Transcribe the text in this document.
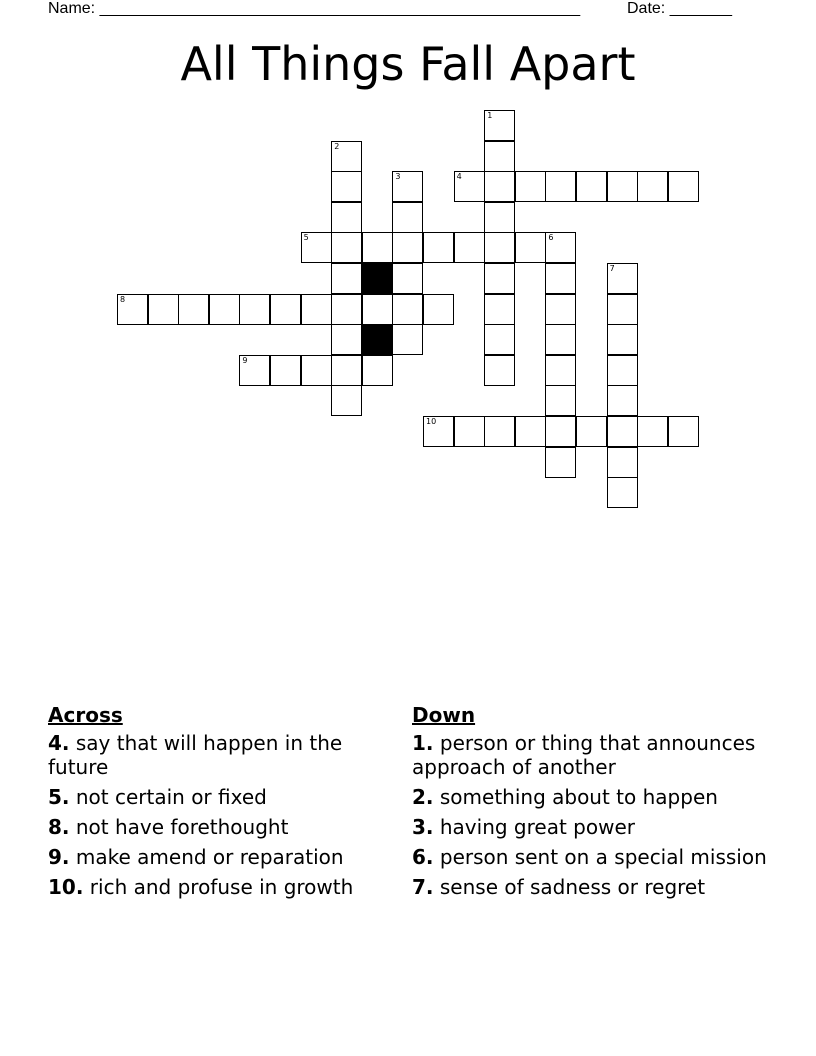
Name: ______________________________________________________	Date: _______
All Things Fall Apart
1
2
3	4
5	6
7
8
9
10
Across
4. say that will happen in the future
5. not certain or fixed
8. not have forethought
9. make amend or reparation
10. rich and profuse in growth
Down
1. person or thing that announces approach of another
2. something about to happen
3. having great power
6. person sent on a special mission
7. sense of sadness or regret
